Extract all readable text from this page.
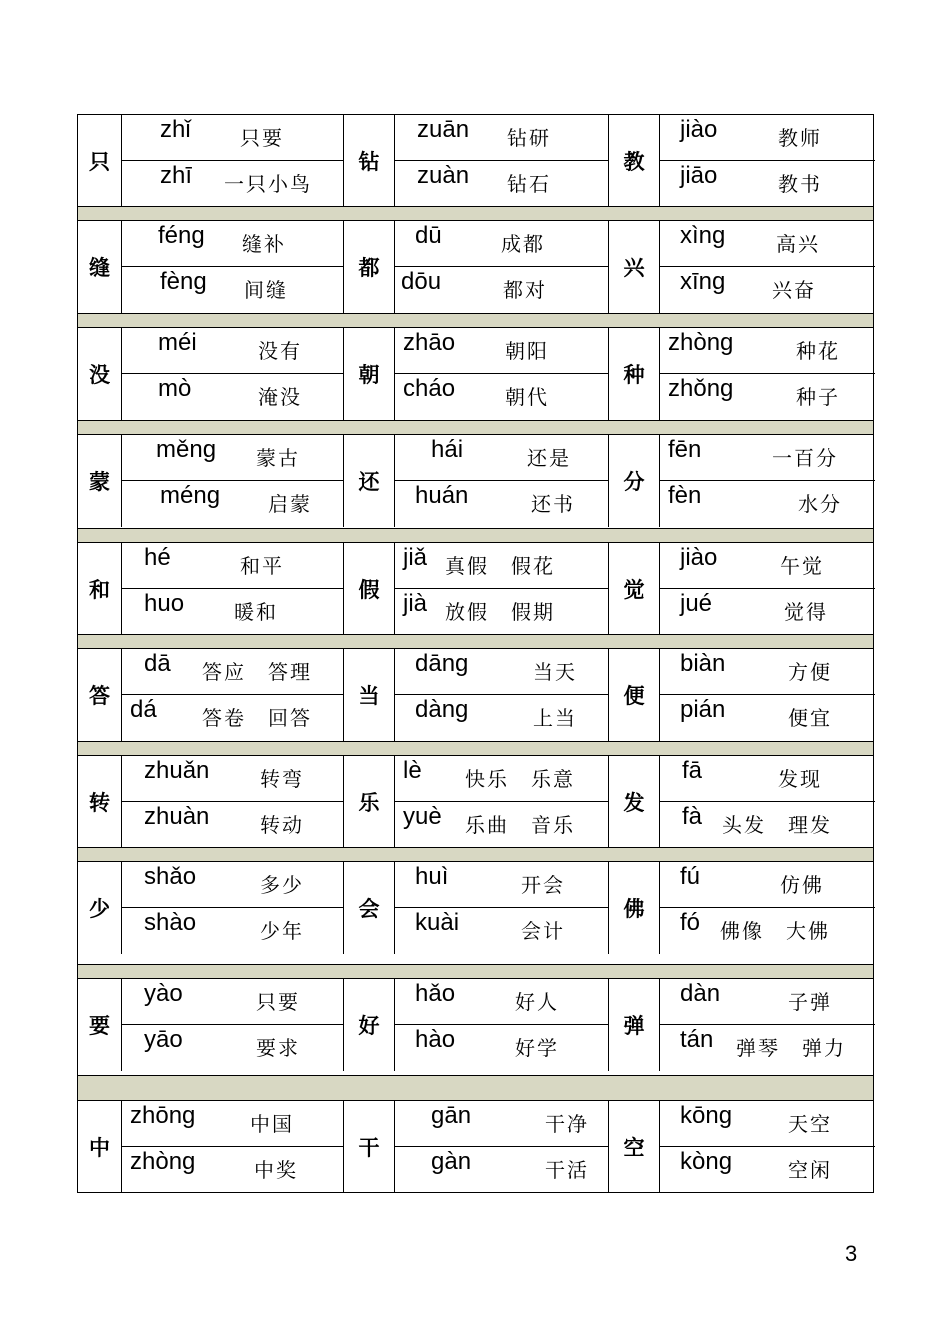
只
zhǐ 只要
zhī 一只小鸟
钻
zuān 钻研
zuàn 钻石
教
jiào	教师
jiāo	教书
缝
féng 缝补
fèng 间缝
都
dū	成都
dōu	都对
兴
xìng	高兴
xīng 兴奋
没
méi	没有
mò	淹没
朝
zhāo 朝阳
cháo 朝代
种
zhòng	种花
zhǒng	种子
蒙
měng 蒙古
méng 启蒙
还
hái	还是
huán	还书
分
fēn	一百分
fèn	水分
和
hé	和平
huo 暖和
假
jiǎ 真假　假花
jià 放假　假期
觉
jiào	午觉
jué	觉得
答
dā 答应　答理
dá 答卷　回答
当
dāng	当天
dàng	上当
便
biàn	方便
pián	便宜
转
zhuǎn	转弯
zhuàn	转动
乐
lè 快乐　乐意
yuè 乐曲　音乐
发
fā	发现
fà 头发　理发
少
shǎo	多少
shào	少年
会
huì	开会
kuài	会计
佛
fú	仿佛
fó 佛像　大佛
要
yào	只要
yāo	要求
好
hǎo	好人
hào	好学
弹
dàn	子弹
tán 弹琴　弹力
中
zhōng	中国
zhòng	中奖
干
gān	干净
gàn	干活
空
kōng	天空
kòng	空闲
3
